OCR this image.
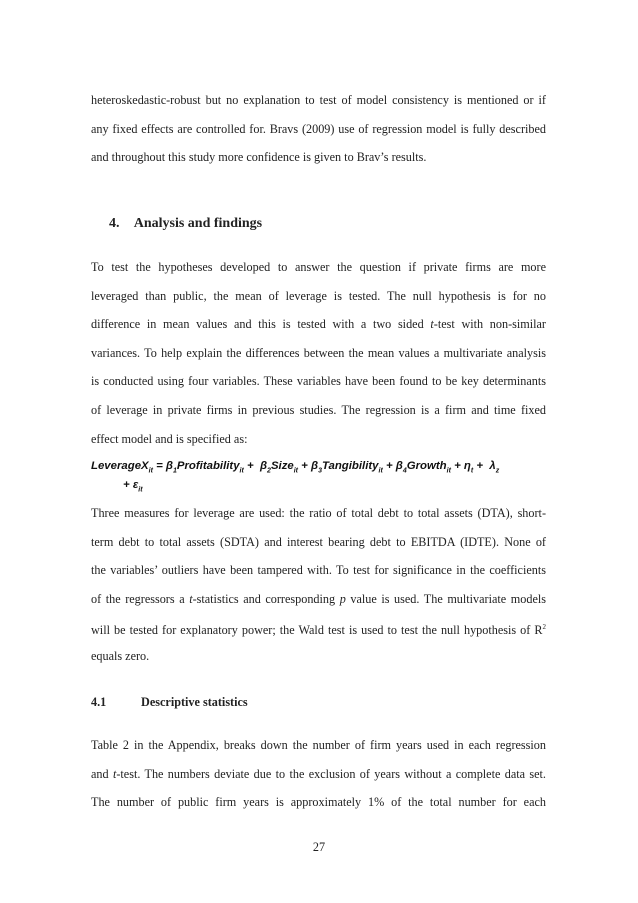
heteroskedastic-robust but no explanation to test of model consistency is mentioned or if
any fixed effects are controlled for. Bravs (2009) use of regression model is fully described
and throughout this study more confidence is given to Brav’s results.
4. Analysis and findings
To test the hypotheses developed to answer the question if private firms are more
leveraged than public, the mean of leverage is tested. The null hypothesis is for no
difference in mean values and this is tested with a two sided t-test with non-similar
variances. To help explain the differences between the mean values a multivariate analysis
is conducted using four variables. These variables have been found to be key determinants
of leverage in private firms in previous studies. The regression is a firm and time fixed
effect model and is specified as:
LeverageX$_{it}$ = $\beta_1Profitability_{it}$ +  $\beta_2Size_{it}$ + $\beta_3Tangibility_{it}$ + $\beta_4Growth_{it} + \eta_t + \lambda_z$
+ $\varepsilon_{it}$
Three measures for leverage are used: the ratio of total debt to total assets (DTA), short-
term debt to total assets (SDTA) and interest bearing debt to EBITDA (IDTE). None of
the variables’ outliers have been tampered with. To test for significance in the coefficients
of the regressors a t-statistics and corresponding p value is used. The multivariate models
will be tested for explanatory power; the Wald test is used to test the null hypothesis of $R^2$
equals zero.
4.1	Descriptive statistics
Table 2 in the Appendix, breaks down the number of firm years used in each regression
and t-test. The numbers deviate due to the exclusion of years without a complete data set.
The number of public firm years is approximately 1% of the total number for each
27
